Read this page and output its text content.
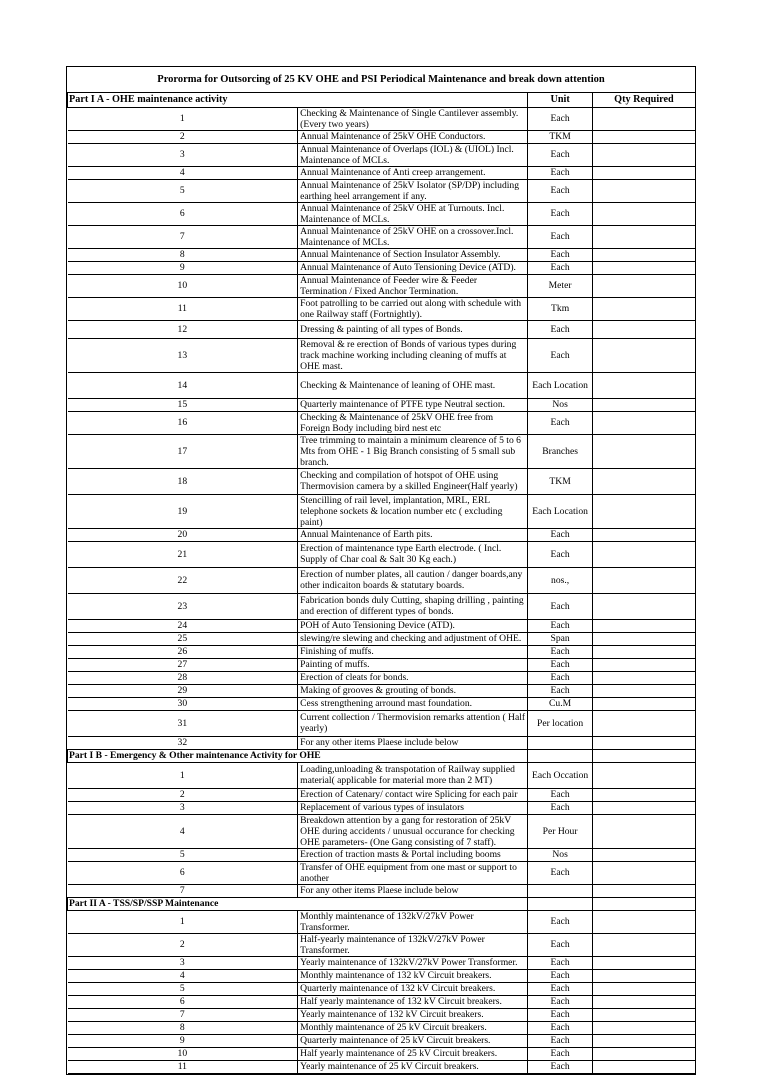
Prororma for Outsorcing of 25 KV OHE and PSI Periodical Maintenance and break down attention
Part I A - OHE maintenance activity		Unit	Qty Required
1	Checking & Maintenance of Single Cantilever assembly.(Every two years)	Each	
2	Annual Maintenance of 25kV OHE Conductors.	TKM	
3	Annual Maintenance of Overlaps (IOL) & (UIOL) Incl. Maintenance of MCLs.	Each	
4	Annual Maintenance of Anti creep arrangement.	Each	
5	Annual Maintenance of 25kV Isolator (SP/DP) including earthing heel arrangement if any.	Each	
6	Annual Maintenance of 25kV OHE at Turnouts. Incl. Maintenance of MCLs.	Each	
7	Annual Maintenance of 25kV OHE on a crossover.Incl. Maintenance of MCLs.	Each	
8	Annual Maintenance of Section Insulator Assembly.	Each	
9	Annual Maintenance of Auto Tensioning Device (ATD).	Each	
10	Annual Maintenance of Feeder wire & Feeder Termination / Fixed Anchor Termination.	Meter	
11	Foot patrolling to be carried out along with schedule with one Railway staff (Fortnightly).	Tkm	
12	Dressing & painting of all types of Bonds.	Each	
13	Removal & re erection of Bonds of various types during track machine working including cleaning of muffs at OHE mast.	Each	
14	Checking & Maintenance of leaning of OHE mast.	Each Location	
15	Quarterly maintenance of PTFE type Neutral section.	Nos	
16	Checking & Maintenance of 25kV OHE free from Foreign Body including bird nest etc	Each	
17	Tree trimming to maintain a minimum clearence of 5 to 6 Mts from OHE - 1 Big Branch consisting of 5 small sub branch.	Branches	
18	Checking and compilation of hotspot of OHE using Thermovision camera by a skilled Engineer(Half yearly)	TKM	
19	Stencilling of rail level, implantation, MRL, ERL telephone sockets & location number etc ( excluding paint)	Each Location	
20	Annual Maintenance of Earth pits.	Each	
21	Erection of maintenance type Earth electrode. ( Incl. Supply of Char coal & Salt 30 Kg each.)	Each	
22	Erection of number plates, all caution / danger boards,any other indicaiton boards & statutary boards.	nos.,	
23	Fabrication bonds duly Cutting, shaping drilling , painting and erection of different types of bonds.	Each	
24	POH of Auto Tensioning Device (ATD).	Each	
25	slewing/re slewing and checking and adjustment of OHE.	Span	
26	Finishing of muffs.	Each	
27	Painting of muffs.	Each	
28	Erection of cleats for bonds.	Each	
29	Making of grooves & grouting of bonds.	Each	
30	Cess strengthening arround mast foundation.	Cu.M	
31	Current collection / Thermovision remarks attention ( Half yearly)	Per location	
32	For any other items Plaese include below		
Part I B - Emergency & Other maintenance Activity for OHE			
1	Loading,unloading & transpotation of Railway supplied material( applicable for material more than 2 MT)	Each Occation	
2	Erection of Catenary/ contact wire Splicing for each pair	Each	
3	Replacement of various types of insulators	Each	
4	Breakdown attention by a gang for restoration of 25kV OHE during accidents / unusual occurance for checking OHE parameters- (One Gang consisting of 7 staff).	Per Hour	
5	Erection of traction masts & Portal including booms	Nos	
6	Transfer of OHE equipment from one mast or support to another	Each	
7	For any other items Plaese include below		
Part II A - TSS/SP/SSP Maintenance			
1	Monthly maintenance of 132kV/27kV Power Transformer.	Each	
2	Half-yearly maintenance of 132kV/27kV Power Transformer.	Each	
3	Yearly maintenance of 132kV/27kV Power Transformer.	Each	
4	Monthly maintenance of 132 kV Circuit breakers.	Each	
5	Quarterly maintenance of 132 kV Circuit breakers.	Each	
6	Half yearly maintenance of 132 kV Circuit breakers.	Each	
7	Yearly maintenance of 132 kV Circuit breakers.	Each	
8	Monthly maintenance of 25 kV Circuit breakers.	Each	
9	Quarterly maintenance of 25 kV Circuit breakers.	Each	
10	Half yearly maintenance of 25 kV Circuit breakers.	Each	
11	Yearly maintenance of 25 kV Circuit breakers.	Each	
